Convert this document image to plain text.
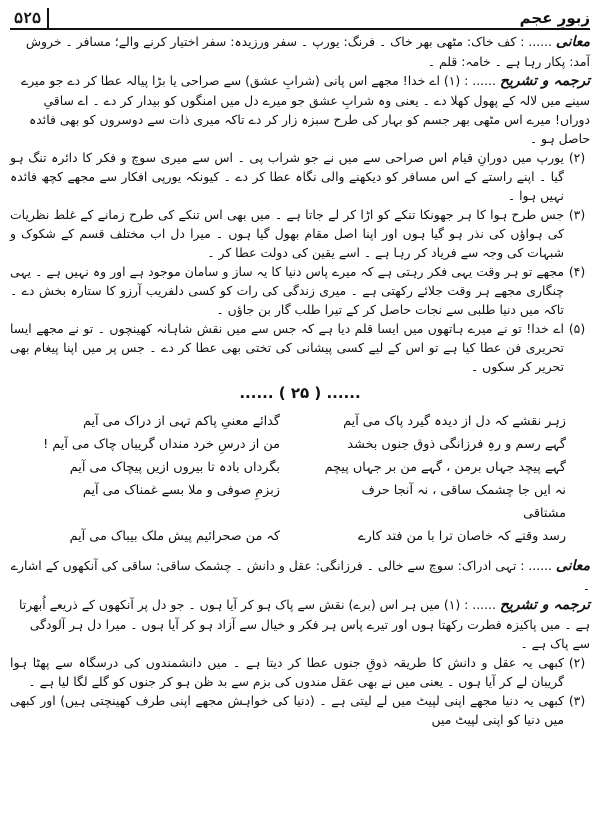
۵۲۵	زبورِ عجم

معانی ...... : کف خاک: مٹھی بھر خاک ۔ فرنگ: یورپ ۔ سفر ورزیدہ: سفر اختیار کرنے والے؛ مسافر ۔ خروش آمد: پکار رہا ہے ۔ خامہ: قلم ۔

ترجمہ و تشریح ...... : (۱) اے خدا! مجھے اس پانی (شرابِ عشق) سے صراحی یا بڑا پیالہ عطا کر دے جو میرے سینے میں لالہ کے پھول کھلا دے ۔ یعنی وہ شرابِ عشق جو میرے دل میں امنگوں کو بیدار کر دے ۔ اے ساقیِ دوراں! میرے اس مٹھی بھر جسم کو بہار کی طرح سبزہ زار کر دے تاکہ میری ذات سے دوسروں کو بھی فائدہ حاصل ہو ۔

(۲)
یورپ میں دورانِ قیام اس صراحی سے میں نے جو شراب پی ۔ اس سے میری سوچ و فکر کا دائرہ تنگ ہو گیا ۔ اپنے راستے کے اس مسافر کو دیکھنے والی نگاہ عطا کر دے ۔ کیونکہ یورپی افکار سے مجھے کچھ فائدہ نہیں ہوا ۔
(۳)
جس طرح ہوا کا ہر جھونکا تنکے کو اڑا کر لے جاتا ہے ۔ میں بھی اس تنکے کی طرح زمانے کے غلط نظریات کی ہواؤں کی نذر ہو گیا ہوں اور اپنا اصل مقام بھول گیا ہوں ۔ میرا دل اب مختلف قسم کے شکوک و شبہات کی وجہ سے فریاد کر رہا ہے ۔ اسے یقین کی دولت عطا کر ۔
(۴)
مجھے تو ہر وقت یہی فکر رہتی ہے کہ میرے پاس دنیا کا یہ ساز و سامان موجود ہے اور وہ نہیں ہے ۔ یہی چنگاری مجھے ہر وقت جلائے رکھتی ہے ۔ میری زندگی کی رات کو کسی دلفریب آرزو کا ستارہ بخش دے ۔ تاکہ میں دنیا طلبی سے نجات حاصل کر کے تیرا طلب گار بن جاؤں ۔
(۵)
اے خدا! تو نے میرے ہاتھوں میں ایسا قلم دیا ہے کہ جس سے میں نقش شاہانہ کھینچوں ۔ تو نے مجھے ایسا تحریری فن عطا کیا ہے تو اس کے لیے کسی پیشانی کی تختی بھی عطا کر دے ۔ جس پر میں اپنا پیغام بھی تحریر کر سکوں ۔
...... ( ۲۵ ) ......
زہر نقشے کہ دل از دیدہ گیرد پاک می آیم
گدائے معنیِ پاکم تہی از دراک می آیم
گہے رسم و رہِ فرزانگی ذوق جنوں بخشد
من از درسِ خرد منداں گریباں چاک می آیم !
گہے پیچد جہاں برمن ، گہے من بر جہاں پیچم
بگرداں بادہ تا بیروں ازیں پیچاک می آیم
نہ ایں جا چشمک ساقی ، نہ آنجا حرف مشتاقی
زبزمِ صوفی و ملا بسے غمناک می آیم
رسد وقتے کہ خاصان ترا با من فتد کارے
کہ من صحرائیم پیش ملک بیباک می آیم

معانی ...... : تہی ادراک: سوچ سے خالی ۔ فرزانگی: عقل و دانش ۔ چشمک ساقی: ساقی کی آنکھوں کے اشارے ۔

ترجمہ و تشریح ...... : (۱) میں ہر اس (برے) نقش سے پاک ہو کر آیا ہوں ۔ جو دل پر آنکھوں کے ذریعے اُبھرتا ہے ۔ میں پاکیزہ فطرت رکھتا ہوں اور تیرے پاس ہر فکر و خیال سے آزاد ہو کر آیا ہوں ۔ میرا دل ہر آلودگی سے پاک ہے ۔

(۲)
کبھی یہ عقل و دانش کا طریقہ ذوقِ جنوں عطا کر دیتا ہے ۔ میں دانشمندوں کی درسگاہ سے پھٹا ہوا گریبان لے کر آیا ہوں ۔ یعنی میں نے بھی عقل مندوں کی بزم سے بد ظن ہو کر جنوں کو گلے لگا لیا ہے ۔
(۳)
کبھی یہ دنیا مجھے اپنی لپیٹ میں لے لیتی ہے ۔ (دنیا کی خواہش مجھے اپنی طرف کھینچتی ہیں) اور کبھی میں دنیا کو اپنی لپیٹ میں
